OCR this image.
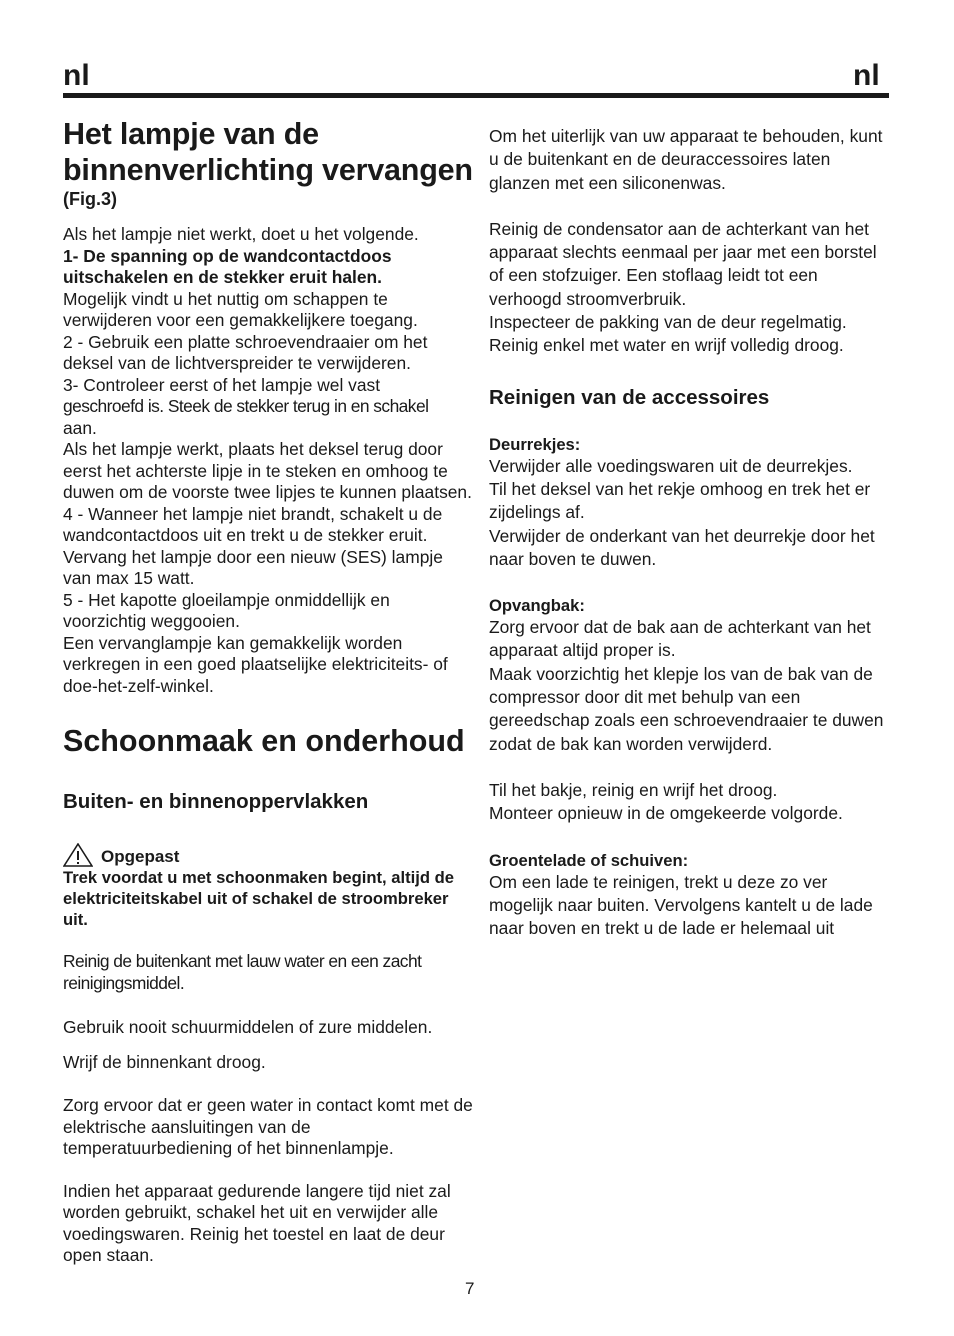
nl	nl
Het lampje van de
binnenverlichting vervangen
(Fig.3)
Als het lampje niet werkt, doet u het volgende.
1- De spanning op de wandcontactdoos
uitschakelen en de stekker eruit halen.
Mogelijk vindt u het nuttig om schappen te verwijderen voor een gemakkelijkere toegang.
2 - Gebruik een platte schroevendraaier om het deksel van de lichtverspreider te verwijderen.
3- Controleer eerst of het lampje wel vast
geschroefd is. Steek de stekker terug in en schakel
aan.
Als het lampje werkt, plaats het deksel terug door eerst het achterste lipje in te steken en omhoog te duwen om de voorste twee lipjes te kunnen plaatsen.
4 - Wanneer het lampje niet brandt, schakelt u de wandcontactdoos uit en trekt u de stekker eruit. Vervang het lampje door een nieuw (SES) lampje van max 15 watt.
5 - Het kapotte gloeilampje onmiddellijk en voorzichtig weggooien.
Een vervanglampje kan gemakkelijk worden verkregen in een goed plaatselijke elektriciteits- of doe-het-zelf-winkel.
Schoonmaak en onderhoud
Buiten- en binnenoppervlakken
Opgepast
Trek voordat u met schoonmaken begint, altijd de elektriciteitskabel uit of schakel de stroombreker uit.
Reinig de buitenkant met lauw water en een zacht reinigingsmiddel.
Gebruik nooit schuurmiddelen of zure middelen.
Wrijf de binnenkant droog.
Zorg ervoor dat er geen water in contact komt met de elektrische aansluitingen van de temperatuurbediening of het binnenlampje.
Indien het apparaat gedurende langere tijd niet zal worden gebruikt, schakel het uit en verwijder alle voedingswaren. Reinig het toestel en laat de deur open staan.
Om het uiterlijk van uw apparaat te behouden, kunt u de buitenkant en de deuraccessoires laten glanzen met een siliconenwas.
Reinig de condensator aan de achterkant van het apparaat slechts eenmaal per jaar met een borstel of een stofzuiger. Een stoflaag leidt tot een verhoogd stroomverbruik.
Inspecteer de pakking van de deur regelmatig. Reinig enkel met water en wrijf volledig droog.
Reinigen van de accessoires
Deurrekjes:
Verwijder alle voedingswaren uit de deurrekjes.
Til het deksel van het rekje omhoog en trek het er zijdelings af.
Verwijder de onderkant van het deurrekje door het naar boven te duwen.
Opvangbak:
Zorg ervoor dat de bak aan de achterkant van het apparaat altijd proper is.
Maak voorzichtig het klepje los van de bak van de compressor door dit met behulp van een gereedschap zoals een schroevendraaier te duwen zodat de bak kan worden verwijderd.
Til het bakje, reinig en wrijf het droog.
Monteer opnieuw in de omgekeerde volgorde.
Groentelade of schuiven:
Om een lade te reinigen, trekt u deze zo ver mogelijk naar buiten. Vervolgens kantelt u de lade naar boven en trekt u de lade er helemaal uit
7
